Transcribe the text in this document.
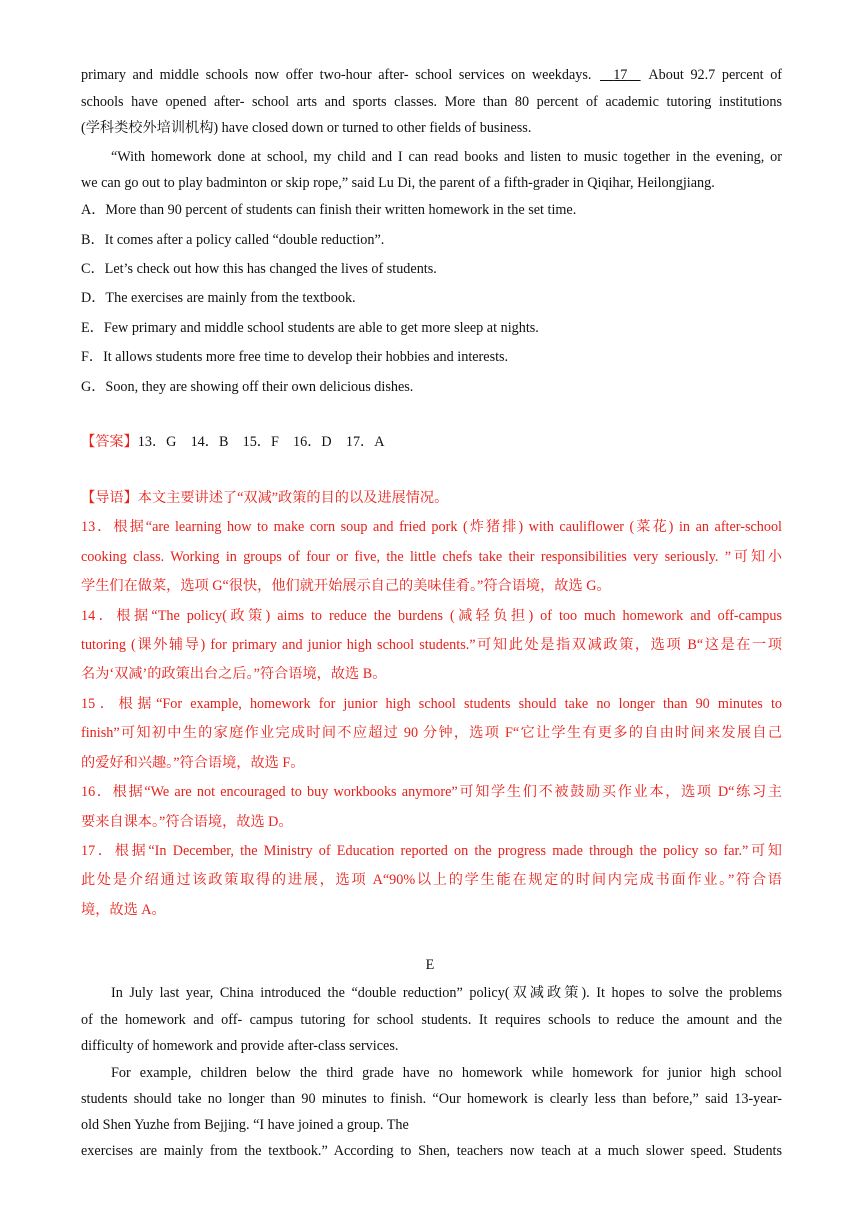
primary and middle schools now offer two-hour after- school services on weekdays. 17 About 92.7 percent of
schools have opened after- school arts and sports classes. More than 80 percent of academic tutoring institutions
(学科类校外培训机构) have closed down or turned to other fields of business.
“With homework done at school, my child and I can read books and listen to music together in the evening, or
we can go out to play badminton or skip rope,” said Lu Di, the parent of a fifth-grader in Qiqihar, Heilongjiang.
A．More than 90 percent of students can finish their written homework in the set time.
B．It comes after a policy called “double reduction”.
C．Let’s check out how this has changed the lives of students.
D．The exercises are mainly from the textbook.
E．Few primary and middle school students are able to get more sleep at nights.
F．It allows students more free time to develop their hobbies and interests.
G．Soon, they are showing off their own delicious dishes.
【答案】13．G　14．B　15．F　16．D　17．A
【导语】本文主要讲述了“双减”政策的目的以及进展情况。
13．根据“are learning how to make corn soup and fried pork (炸猪排) with cauliflower (菜花) in an after-school
cooking class. Working in groups of four or five, the little chefs take their responsibilities very seriously. ”可知小
学生们在做菜，选项 G“很快，他们就开始展示自己的美味佳肴。”符合语境，故选 G。
14．根据“The policy(政策) aims to reduce the burdens (减轻负担) of too much homework and off-campus
tutoring (课外辅导) for primary and junior high school students.”可知此处是指双减政策，选项 B“这是在一项
名为‘双减’的政策出台之后。”符合语境，故选 B。
15．根据“For example, homework for junior high school students should take no longer than 90 minutes to
finish”可知初中生的家庭作业完成时间不应超过 90 分钟，选项 F“它让学生有更多的自由时间来发展自己
的爱好和兴趣。”符合语境，故选 F。
16．根据“We are not encouraged to buy workbooks anymore”可知学生们不被鼓励买作业本，选项 D“练习主
要来自课本。”符合语境，故选 D。
17．根据“In December, the Ministry of Education reported on the progress made through the policy so far.”可知
此处是介绍通过该政策取得的进展，选项 A“90%以上的学生能在规定的时间内完成书面作业。”符合语
境，故选 A。
E
In July last year, China introduced the “double reduction” policy(双减政策). It hopes to solve the problems
of the homework and off- campus tutoring for school students. It requires schools to reduce the amount and the
difficulty of homework and provide after-class services.
For example, children below the third grade have no homework while homework for junior high school
students should take no longer than 90 minutes to finish. “Our homework is clearly less than before,” said 13-year-
old Shen Yuzhe from Bejjing. “I have joined a group. The
exercises are mainly from the textbook.” According to Shen, teachers now teach at a much slower speed. Students
